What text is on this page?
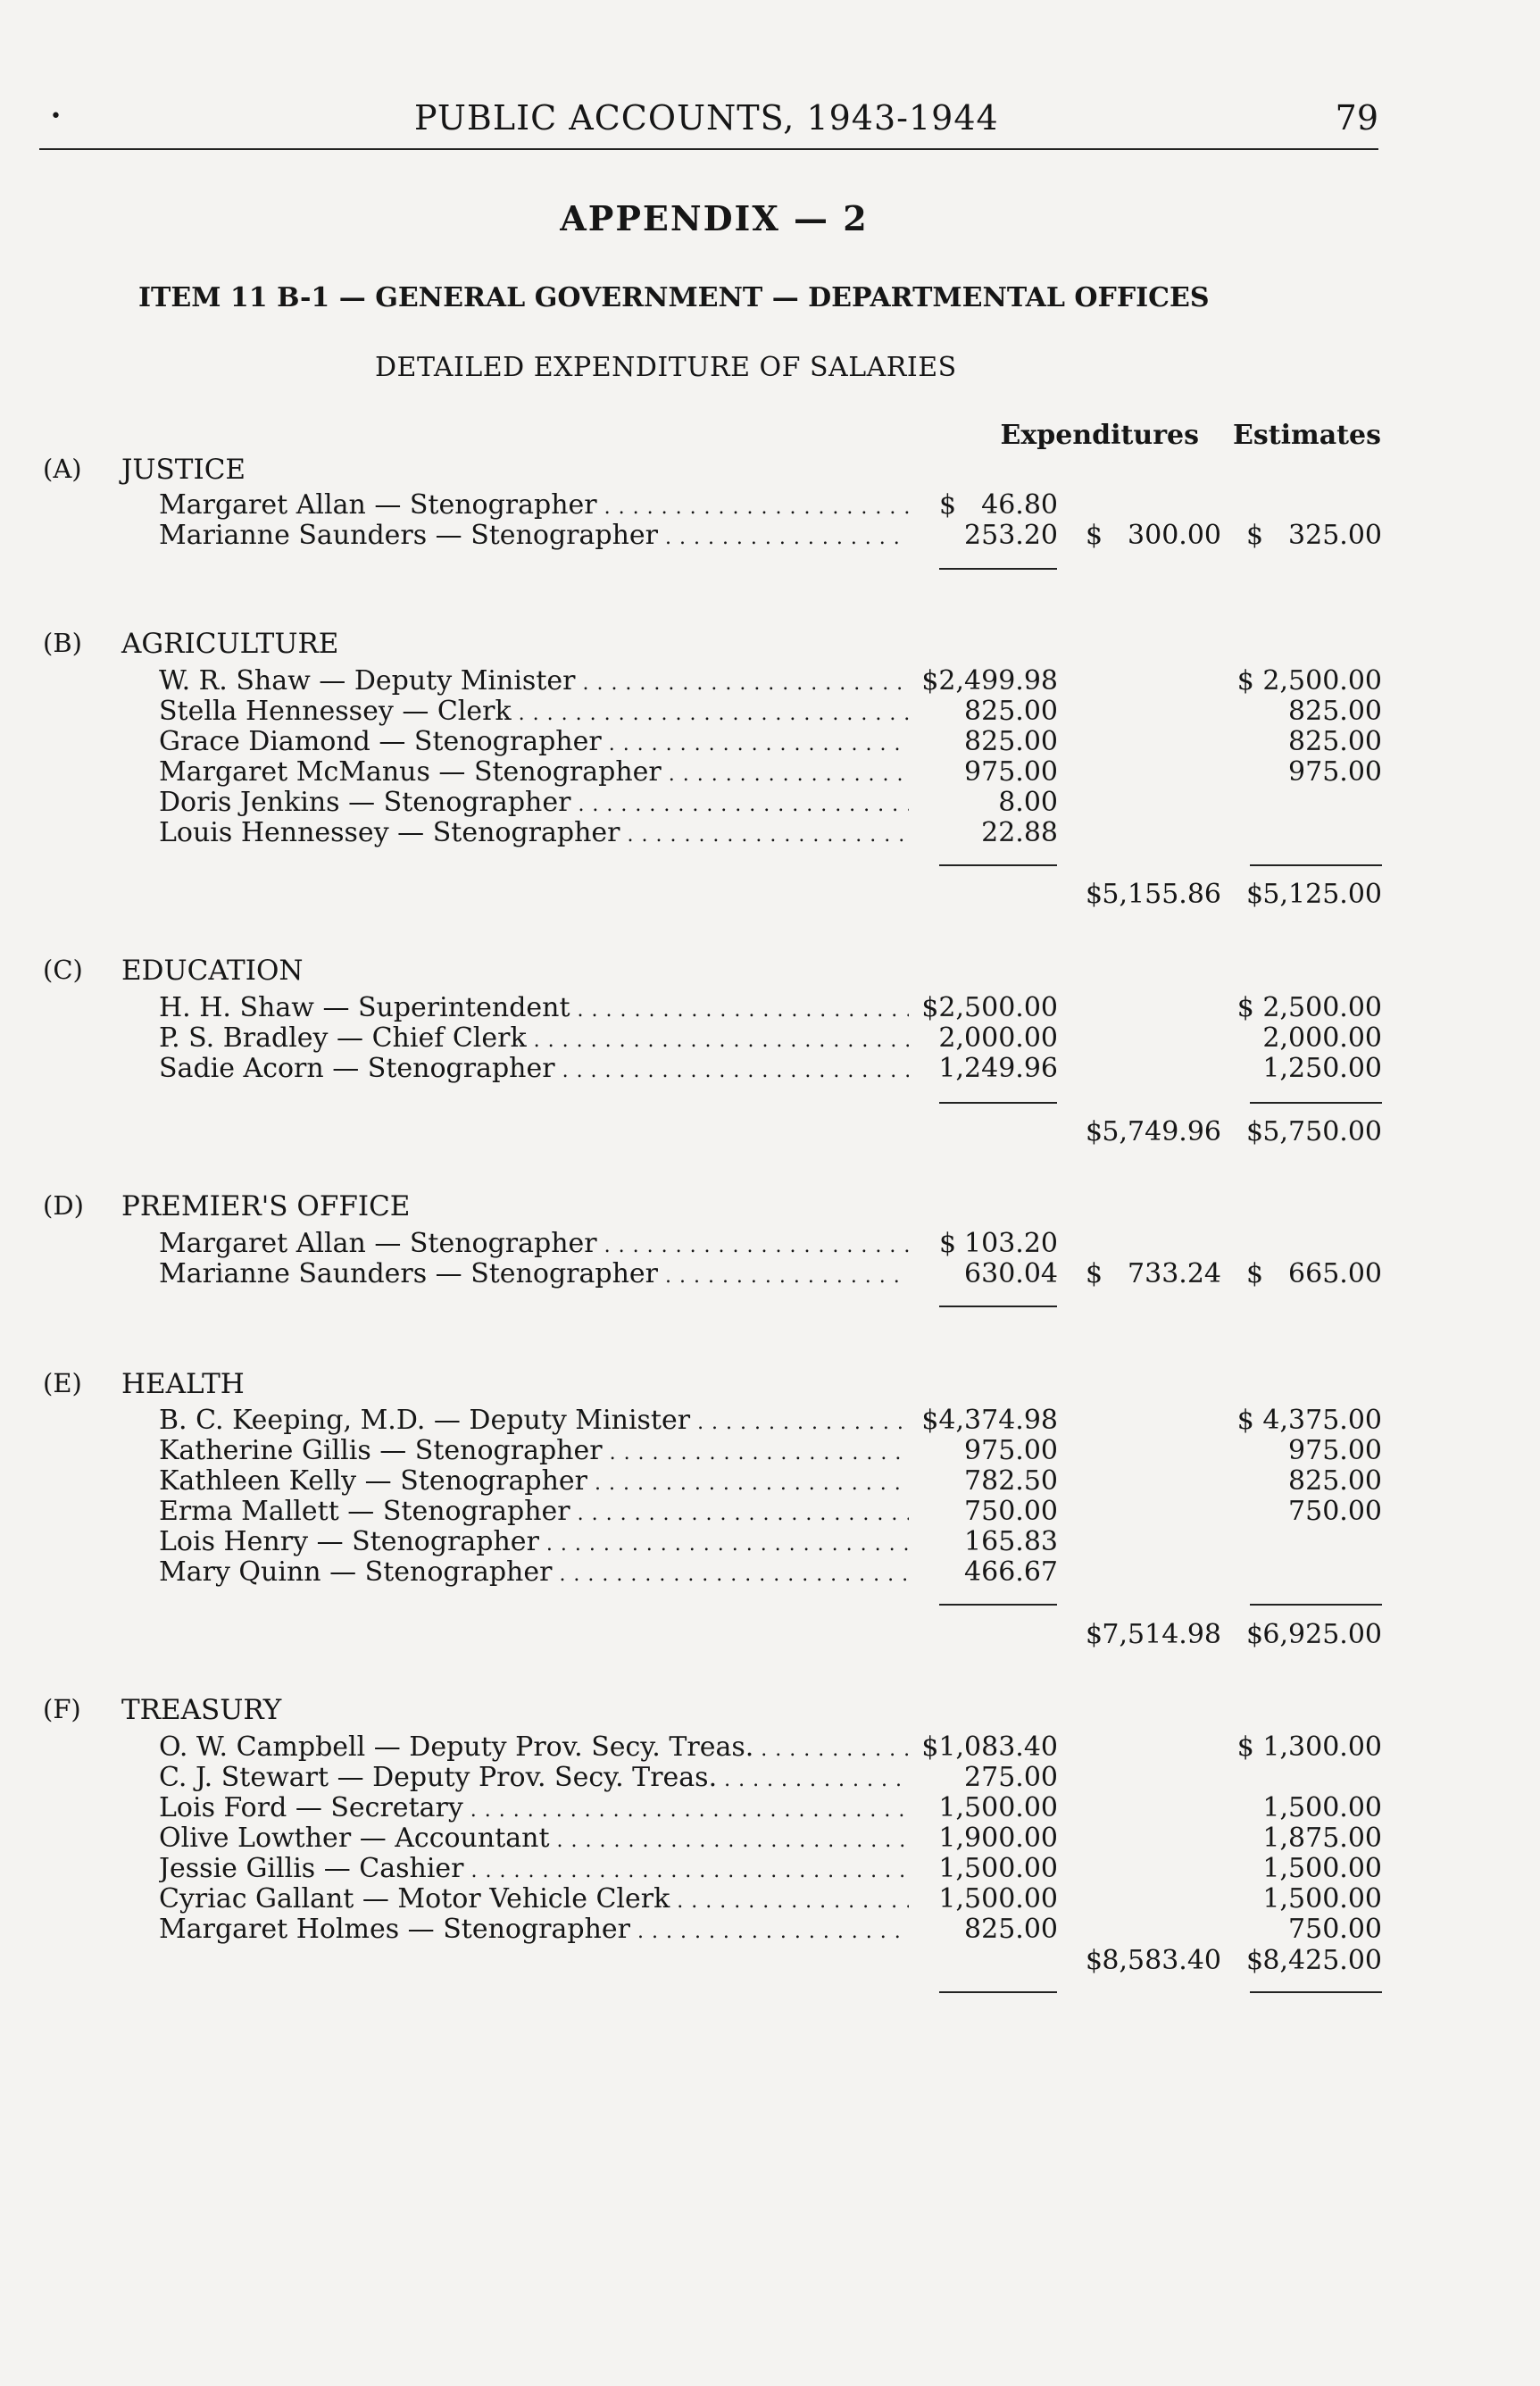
•	PUBLIC ACCOUNTS, 1943-1944	79
APPENDIX — 2
ITEM 11 B-1 — GENERAL GOVERNMENT — DEPARTMENTAL OFFICES
DETAILED EXPENDITURE OF SALARIES
Expenditures Estimates
(A) JUSTICE
Margaret Allan — Stenographer . . .	$ 46.80
Marianne Saunders — Stenographer . . .	253.20 $ 300.00 $ 325.00
(B) AGRICULTURE
W. R. Shaw — Deputy Minister . . .	$2,499.98	$ 2,500.00
Stella Hennessey — Clerk . . .	825.00	825.00
Grace Diamond — Stenographer . . .	825.00	825.00
Margaret McManus — Stenographer . . .	975.00	975.00
Doris Jenkins — Stenographer . . .	8.00
Louis Hennessey — Stenographer . . .	22.88
$ 5,155.86 $ 5,125.00
(C) EDUCATION
H. H. Shaw — Superintendent . . .	$2,500.00	$ 2,500.00
P. S. Bradley — Chief Clerk . . .	2,000.00	2,000.00
Sadie Acorn — Stenographer . . .	1,249.96	1,250.00
$ 5,749.96 $ 5,750.00
(D) PREMIER'S OFFICE
Margaret Allan — Stenographer . . .	$ 103.20
Marianne Saunders — Stenographer . . .	630.04 $ 733.24 $ 665.00
(E) HEALTH
B. C. Keeping, M.D. — Deputy Minister . . .	$4,374.98	$ 4,375.00
Katherine Gillis — Stenographer . . .	975.00	975.00
Kathleen Kelly — Stenographer . . .	782.50	825.00
Erma Mallett — Stenographer . . .	750.00	750.00
Lois Henry — Stenographer . . .	165.83
Mary Quinn — Stenographer . . .	466.67
$ 7,514.98 $ 6,925.00
(F) TREASURY
O. W. Campbell — Deputy Prov. Secy. Treas. . . .	$1,083.40	$ 1,300.00
C. J. Stewart — Deputy Prov. Secy. Treas. . . .	275.00
Lois Ford — Secretary . . .	1,500.00	1,500.00
Olive Lowther — Accountant . . .	1,900.00	1,875.00
Jessie Gillis — Cashier . . .	1,500.00	1,500.00
Cyriac Gallant — Motor Vehicle Clerk . . .	1,500.00	1,500.00
Margaret Holmes — Stenographer . . .	825.00	750.00
$ 8,583.40 $ 8,425.00
